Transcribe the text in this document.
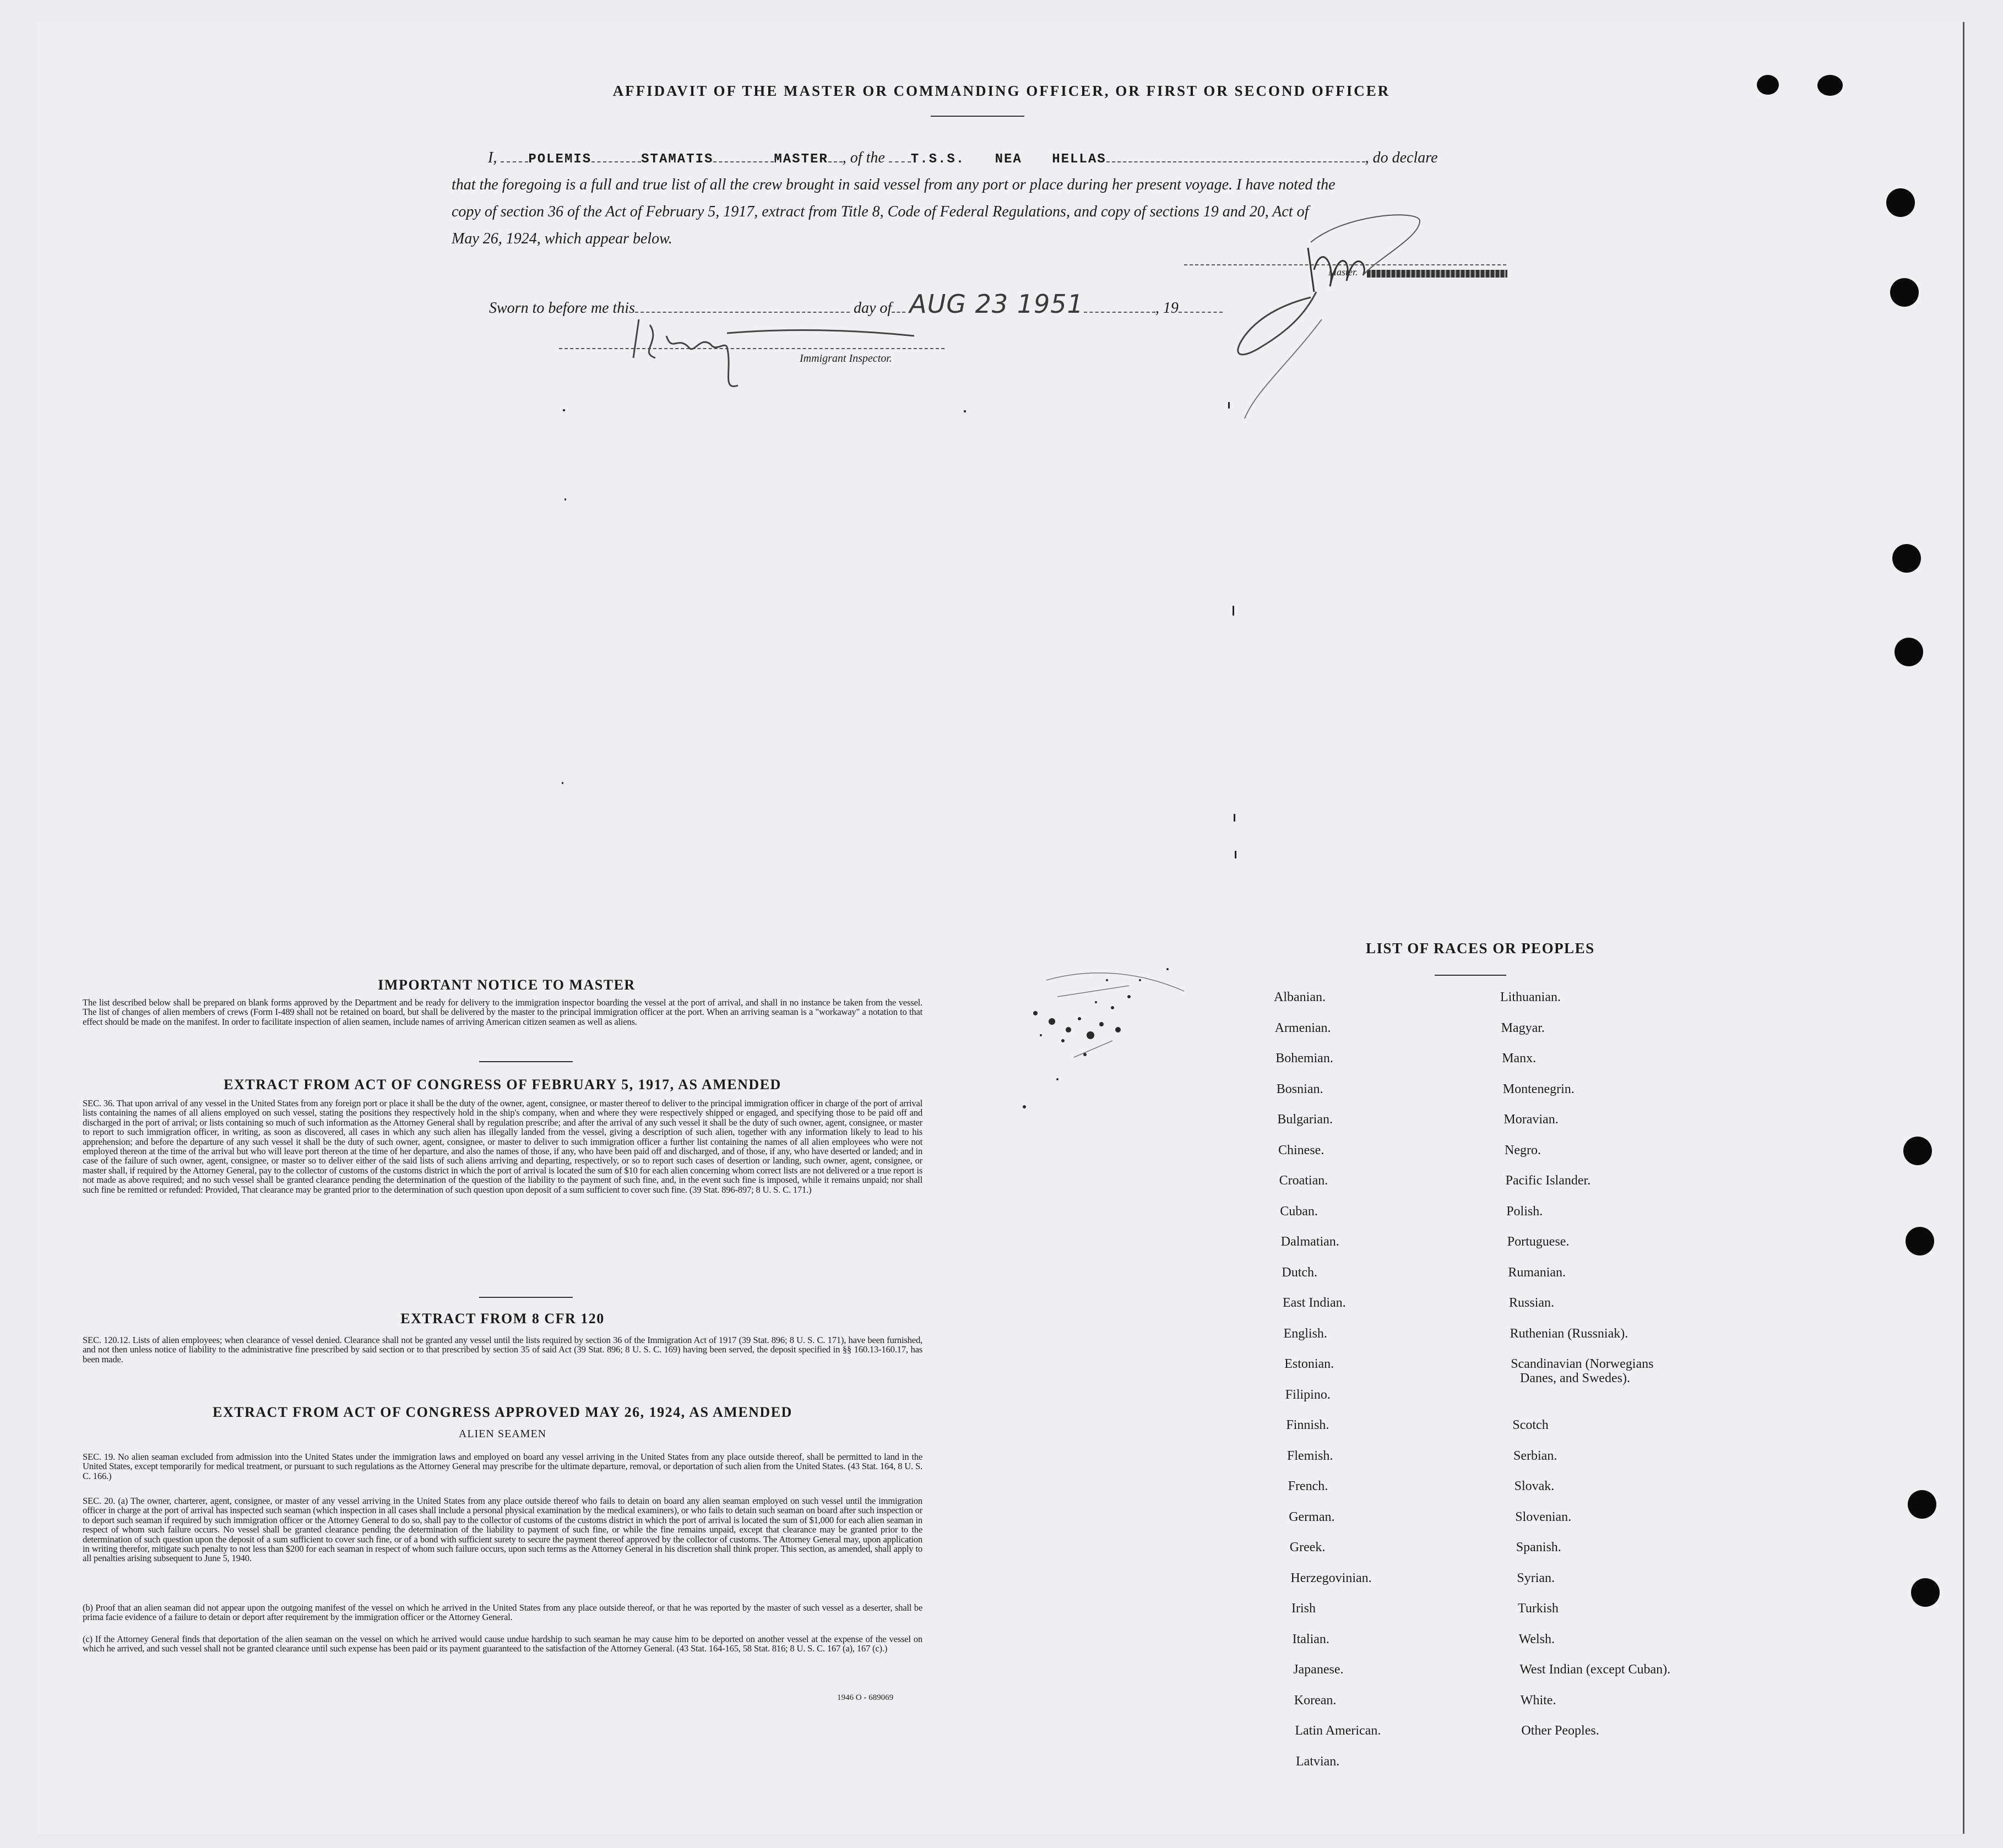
AFFIDAVIT OF THE MASTER OR COMMANDING OFFICER, OR FIRST OR SECOND OFFICER
I, POLEMIS	STAMATIS	MASTER , of the T.S.S. NEA HELLAS	, do declare
that the foregoing is a full and true list of all the crew brought in said vessel from any port or place during her present voyage. I have noted the
copy of section 36 of the Act of February 5, 1917, extract from Title 8, Code of Federal Regulations, and copy of sections 19 and 20, Act of
May 26, 1924, which appear below.
Master.
Sworn to before me this	day of AUG 23 1951	, 19
Immigrant Inspector.
IMPORTANT NOTICE TO MASTER
The list described below shall be prepared on blank forms approved by the Department and be ready for delivery to the immigration inspector boarding the vessel at the port of arrival, and shall in no instance be taken from the vessel. The list of changes of alien members of crews (Form I-489 shall not be retained on board, but shall be delivered by the master to the principal immigration officer at the port. When an arriving seaman is a "workaway" a notation to that effect should be made on the manifest. In order to facilitate inspection of alien seamen, include names of arriving American citizen seamen as well as aliens.
EXTRACT FROM ACT OF CONGRESS OF FEBRUARY 5, 1917, AS AMENDED
SEC. 36. That upon arrival of any vessel in the United States from any foreign port or place it shall be the duty of the owner, agent, consignee, or master thereof to deliver to the principal immigration officer in charge of the port of arrival lists containing the names of all aliens employed on such vessel, stating the positions they respectively hold in the ship's company, when and where they were respectively shipped or engaged, and specifying those to be paid off and discharged in the port of arrival; or lists containing so much of such information as the Attorney General shall by regulation prescribe; and after the arrival of any such vessel it shall be the duty of such owner, agent, consignee, or master to report to such immigration officer, in writing, as soon as discovered, all cases in which any such alien has illegally landed from the vessel, giving a description of such alien, together with any information likely to lead to his apprehension; and before the departure of any such vessel it shall be the duty of such owner, agent, consignee, or master to deliver to such immigration officer a further list containing the names of all alien employees who were not employed thereon at the time of the arrival but who will leave port thereon at the time of her departure, and also the names of those, if any, who have been paid off and discharged, and of those, if any, who have deserted or landed; and in case of the failure of such owner, agent, consignee, or master so to deliver either of the said lists of such aliens arriving and departing, respectively, or so to report such cases of desertion or landing, such owner, agent, consignee, or master shall, if required by the Attorney General, pay to the collector of customs of the customs district in which the port of arrival is located the sum of $10 for each alien concerning whom correct lists are not delivered or a true report is not made as above required; and no such vessel shall be granted clearance pending the determination of the question of the liability to the payment of such fine, and, in the event such fine is imposed, while it remains unpaid; nor shall such fine be remitted or refunded: Provided, That clearance may be granted prior to the determination of such question upon deposit of a sum sufficient to cover such fine. (39 Stat. 896-897; 8 U. S. C. 171.)
EXTRACT FROM 8 CFR 120
SEC. 120.12. Lists of alien employees; when clearance of vessel denied. Clearance shall not be granted any vessel until the lists required by section 36 of the Immigration Act of 1917 (39 Stat. 896; 8 U. S. C. 171), have been furnished, and not then unless notice of liability to the administrative fine prescribed by said section or to that prescribed by section 35 of said Act (39 Stat. 896; 8 U. S. C. 169) having been served, the deposit specified in §§ 160.13-160.17, has been made.
EXTRACT FROM ACT OF CONGRESS APPROVED MAY 26, 1924, AS AMENDED
ALIEN SEAMEN
SEC. 19. No alien seaman excluded from admission into the United States under the immigration laws and employed on board any vessel arriving in the United States from any place outside thereof, shall be permitted to land in the United States, except temporarily for medical treatment, or pursuant to such regulations as the Attorney General may prescribe for the ultimate departure, removal, or deportation of such alien from the United States. (43 Stat. 164, 8 U. S. C. 166.)
SEC. 20. (a) The owner, charterer, agent, consignee, or master of any vessel arriving in the United States from any place outside thereof who fails to detain on board any alien seaman employed on such vessel until the immigration officer in charge at the port of arrival has inspected such seaman (which inspection in all cases shall include a personal physical examination by the medical examiners), or who fails to detain such seaman on board after such inspection or to deport such seaman if required by such immigration officer or the Attorney General to do so, shall pay to the collector of customs of the customs district in which the port of arrival is located the sum of $1,000 for each alien seaman in respect of whom such failure occurs. No vessel shall be granted clearance pending the determination of the liability to payment of such fine, or while the fine remains unpaid, except that clearance may be granted prior to the determination of such question upon the deposit of a sum sufficient to cover such fine, or of a bond with sufficient surety to secure the payment thereof approved by the collector of customs. The Attorney General may, upon application in writing therefor, mitigate such penalty to not less than $200 for each seaman in respect of whom such failure occurs, upon such terms as the Attorney General in his discretion shall think proper. This section, as amended, shall apply to all penalties arising subsequent to June 5, 1940.
(b) Proof that an alien seaman did not appear upon the outgoing manifest of the vessel on which he arrived in the United States from any place outside thereof, or that he was reported by the master of such vessel as a deserter, shall be prima facie evidence of a failure to detain or deport after requirement by the immigration officer or the Attorney General.
(c) If the Attorney General finds that deportation of the alien seaman on the vessel on which he arrived would cause undue hardship to such seaman he may cause him to be deported on another vessel at the expense of the vessel on which he arrived, and such vessel shall not be granted clearance until such expense has been paid or its payment guaranteed to the satisfaction of the Attorney General. (43 Stat. 164-165, 58 Stat. 816; 8 U. S. C. 167 (a), 167 (c).)
1946 O - 689069
LIST OF RACES OR PEOPLES
Albanian.
Armenian.
Bohemian.
Bosnian.
Bulgarian.
Chinese.
Croatian.
Cuban.
Dalmatian.
Dutch.
East Indian.
English.
Estonian.
Filipino.
Finnish.
Flemish.
French.
German.
Greek.
Herzegovinian.
Irish
Italian.
Japanese.
Korean.
Latin American.
Latvian.
Lithuanian.
Magyar.
Manx.
Montenegrin.
Moravian.
Negro.
Pacific Islander.
Polish.
Portuguese.
Rumanian.
Russian.
Ruthenian (Russniak).
Scandinavian (Norwegians
Danes, and Swedes).
Scotch
Serbian.
Slovak.
Slovenian.
Spanish.
Syrian.
Turkish
Welsh.
West Indian (except Cuban).
White.
Other Peoples.
